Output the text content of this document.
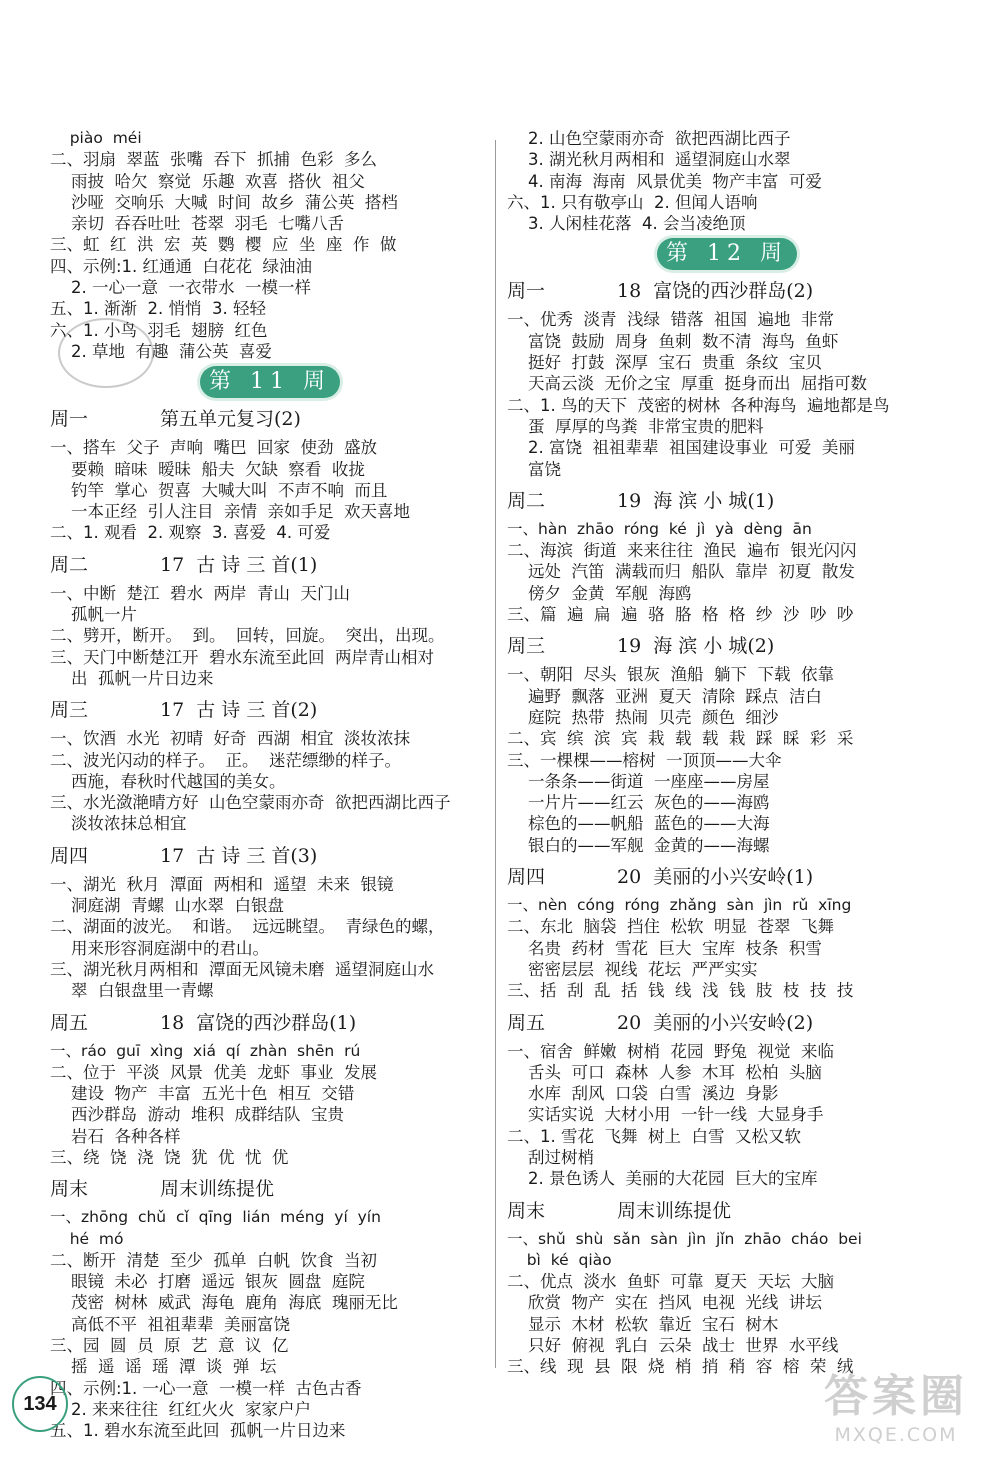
piào  méi
二、羽扇  翠蓝  张嘴  吞下  抓捕  色彩  多么
雨披  哈欠  察觉  乐趣  欢喜  搭伙  祖父
沙哑  交响乐  大喊  时间  故乡  蒲公英  搭档
亲切  吞吞吐吐  苍翠  羽毛  七嘴八舌
三、虹  红  洪  宏  英  鹦  樱  应  坐  座  作  做
四、示例:1. 红通通  白花花  绿油油
2. 一心一意  一衣带水  一模一样
五、1. 渐渐  2. 悄悄  3. 轻轻
六、1. 小鸟  羽毛  翅膀  红色
2. 草地  有趣  蒲公英  喜爱
第 11 周
周一	第五单元复习(2)
一、搭车  父子  声响  嘴巴  回家  使劲  盛放
要赖  暗味  暧昧  船夫  欠缺  察看  收拢
钓竿  掌心  贺喜  大喊大叫  不声不响  而且
一本正经  引人注目  亲情  亲如手足  欢天喜地
二、1. 观看  2. 观察  3. 喜爱  4. 可爱
周二	17  古 诗 三 首(1)
一、中断  楚江  碧水  两岸  青山  天门山
孤帆一片
二、劈开，断开。  到。  回转，回旋。  突出，出现。
三、天门中断楚江开  碧水东流至此回  两岸青山相对
出  孤帆一片日边来
周三	17  古 诗 三 首(2)
一、饮酒  水光  初晴  好奇  西湖  相宜  淡妆浓抹
二、波光闪动的样子。  正。  迷茫缥缈的样子。
西施，春秋时代越国的美女。
三、水光潋滟晴方好  山色空蒙雨亦奇  欲把西湖比西子
淡妆浓抹总相宜
周四	17  古 诗 三 首(3)
一、湖光  秋月  潭面  两相和  遥望  未来  银镜
洞庭湖  青螺  山水翠  白银盘
二、湖面的波光。  和谐。  远远眺望。  青绿色的螺，
用来形容洞庭湖中的君山。
三、湖光秋月两相和  潭面无风镜未磨  遥望洞庭山水
翠  白银盘里一青螺
周五	18  富饶的西沙群岛(1)
一、ráo  guī  xìng  xiá  qí  zhàn  shēn  rú
二、位于  平淡  风景  优美  龙虾  事业  发展
建设  物产  丰富  五光十色  相互  交错
西沙群岛  游动  堆积  成群结队  宝贵
岩石  各种各样
三、绕  饶  浇  饶  犹  优  忧  优
周末	周末训练提优
一、zhōng  chǔ  cǐ  qīng  lián  méng  yí  yín
hé  mó
二、断开  清楚  至少  孤单  白帆  饮食  当初
眼镜  未必  打磨  遥远  银灰  圆盘  庭院
茂密  树林  威武  海龟  鹿角  海底  瑰丽无比
高低不平  祖祖辈辈  美丽富饶
三、园  圆  员  原  艺  意  议  亿
摇  遥  谣  瑶  潭  谈  弹  坛
四、示例:1. 一心一意  一模一样  古色古香
2. 来来往往  红红火火  家家户户
五、1. 碧水东流至此回  孤帆一片日边来
2. 山色空蒙雨亦奇  欲把西湖比西子
3. 湖光秋月两相和  遥望洞庭山水翠
4. 南海  海南  风景优美  物产丰富  可爱
六、1. 只有敬亭山  2. 但闻人语响
3. 人闲桂花落  4. 会当凌绝顶
第 12 周
周一	18  富饶的西沙群岛(2)
一、优秀  淡青  浅绿  错落  祖国  遍地  非常
富饶  鼓励  周身  鱼刺  数不清  海鸟  鱼虾
挺好  打鼓  深厚  宝石  贵重  条纹  宝贝
天高云淡  无价之宝  厚重  挺身而出  屈指可数
二、1. 鸟的天下  茂密的树林  各种海鸟  遍地都是鸟
蛋  厚厚的鸟粪  非常宝贵的肥料
2. 富饶  祖祖辈辈  祖国建设事业  可爱  美丽
富饶
周二	19  海 滨 小 城(1)
一、hàn  zhāo  róng  ké  jì  yà  dèng  ān
二、海滨  街道  来来往往  渔民  遍布  银光闪闪
远处  汽笛  满载而归  船队  靠岸  初夏  散发
傍夕  金黄  军舰  海鸥
三、篇  遍  扁  遍  骆  胳  格  格  纱  沙  吵  吵
周三	19  海 滨 小 城(2)
一、朝阳  尽头  银灰  渔船  躺下  下载  依靠
遍野  飘落  亚洲  夏天  清除  踩点  洁白
庭院  热带  热闹  贝壳  颜色  细沙
二、宾  缤  滨  宾  栽  载  载  栽  踩  睬  彩  采
三、一棵棵——榕树  一顶顶——大伞
一条条——街道  一座座——房屋
一片片——红云  灰色的——海鸥
棕色的——帆船  蓝色的——大海
银白的——军舰  金黄的——海螺
周四	20  美丽的小兴安岭(1)
一、nèn  cóng  róng  zhǎng  sàn  jìn  rǔ  xīng
二、东北  脑袋  挡住  松软  明显  苍翠  飞舞
名贵  药材  雪花  巨大  宝库  枝条  积雪
密密层层  视线  花坛  严严实实
三、括  刮  乱  括  钱  线  浅  钱  肢  枝  技  技
周五	20  美丽的小兴安岭(2)
一、宿舍  鲜嫩  树梢  花园  野兔  视觉  来临
舌头  可口  森林  人参  木耳  松柏  头脑
水库  刮风  口袋  白雪  溪边  身影
实话实说  大材小用  一针一线  大显身手
二、1. 雪花  飞舞  树上  白雪  又松又软
刮过树梢
2. 景色诱人  美丽的大花园  巨大的宝库
周末	周末训练提优
一、shǔ  shù  sǎn  sàn  jìn  jǐn  zhāo  cháo  bei
bì  ké  qiào
二、优点  淡水  鱼虾  可靠  夏天  天坛  大脑
欣赏  物产  实在  挡风  电视  光线  讲坛
显示  木材  松软  靠近  宝石  树木
只好  俯视  乳白  云朵  战士  世界  水平线
三、线  现  县  限  烧  梢  捎  稍  容  榕  荣  绒
134	答案圈
MXQE.COM
